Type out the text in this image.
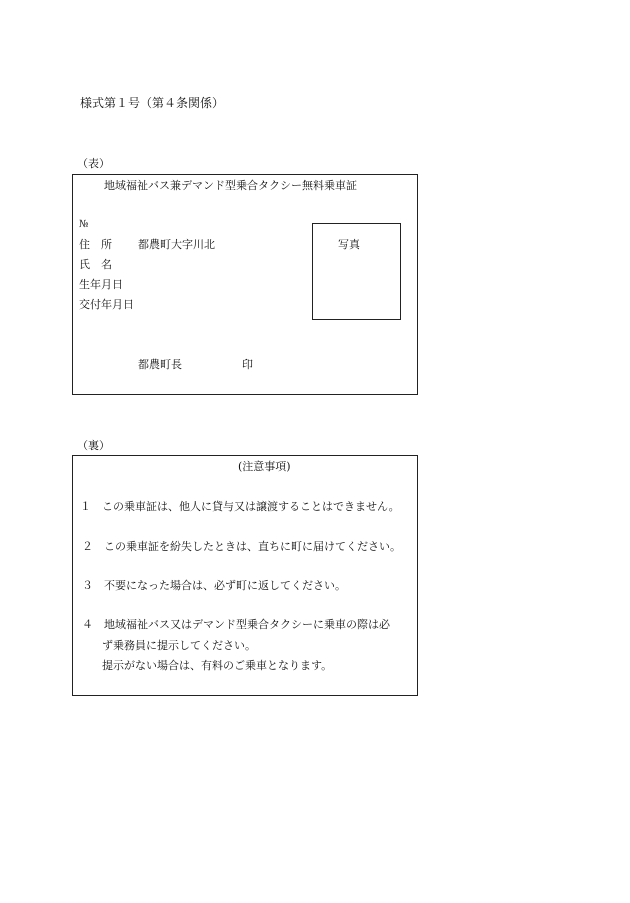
様式第１号（第４条関係）
（表）
地域福祉バス兼デマンド型乗合タクシー無料乗車証
№
住　所 都農町大字川北
氏　名
生年月日
交付年月日
写真
都農町長	印
（裏）
(注意事項)
１　この乗車証は、他人に貸与又は譲渡することはできません。
２　この乗車証を紛失したときは、直ちに町に届けてください。
３　不要になった場合は、必ず町に返してください。
４　地域福祉バス又はデマンド型乗合タクシーに乗車の際は必
ず乗務員に提示してください。
提示がない場合は、有料のご乗車となります。
